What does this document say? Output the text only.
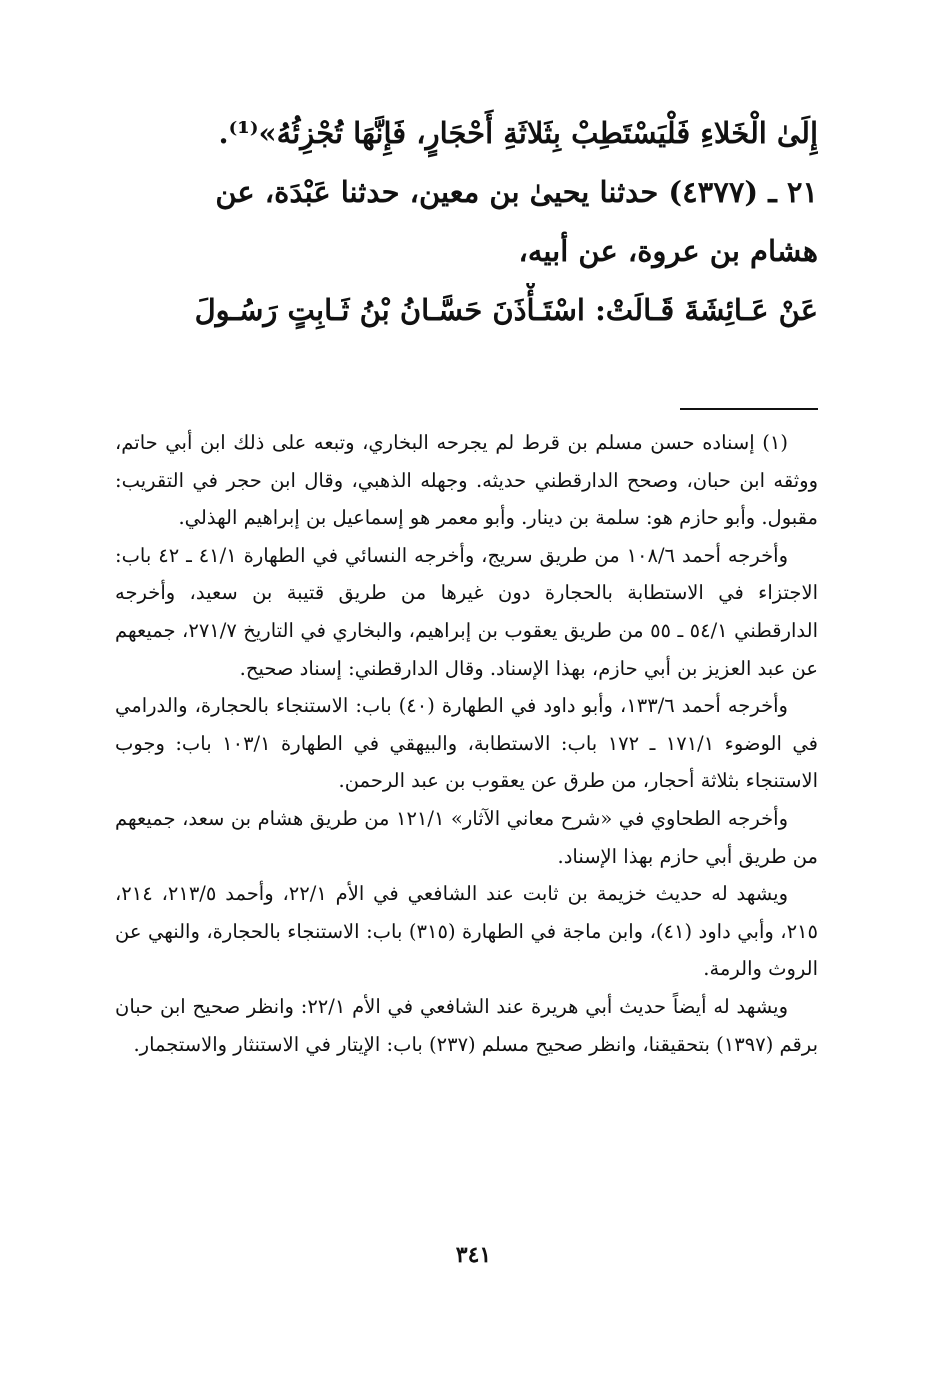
إِلَىٰ الْخَلاءِ فَلْيَسْتَطِبْ بِثَلاثَةِ أَحْجَارٍ، فَإِنَّهَا تُجْزِئُهُ»⁽¹⁾.
٢١ ـ (٤٣٧٧) حدثنا يحيىٰ بن معين، حدثنا عَبْدَة، عن
هشام بن عروة، عن أبيه،
عَنْ عَـائِشَةَ قَـالَتْ: اسْتَـأْذَنَ حَسَّـانُ بْنُ ثَـابِتٍ رَسُـولَ

(١) إسناده حسن مسلم بن قرط لم يجرحه البخاري، وتبعه على ذلك ابن أبي حاتم، ووثقه ابن حبان، وصحح الدارقطني حديثه. وجهله الذهبي، وقال ابن حجر في التقريب: مقبول. وأبو حازم هو: سلمة بن دينار. وأبو معمر هو إسماعيل بن إبراهيم الهذلي.

وأخرجه أحمد ١٠٨/٦ من طريق سريج، وأخرجه النسائي في الطهارة ٤١/١ ـ ٤٢ باب: الاجتزاء في الاستطابة بالحجارة دون غيرها من طريق قتيبة بن سعيد، وأخرجه الدارقطني ٥٤/١ ـ ٥٥ من طريق يعقوب بن إبراهيم، والبخاري في التاريخ ٢٧١/٧، جميعهم عن عبد العزيز بن أبي حازم، بهذا الإسناد. وقال الدارقطني: إسناد صحيح.

وأخرجه أحمد ١٣٣/٦، وأبو داود في الطهارة (٤٠) باب: الاستنجاء بالحجارة، والدرامي في الوضوء ١٧١/١ ـ ١٧٢ باب: الاستطابة، والبيهقي في الطهارة ١٠٣/١ باب: وجوب الاستنجاء بثلاثة أحجار، من طرق عن يعقوب بن عبد الرحمن.

وأخرجه الطحاوي في «شرح معاني الآثار» ١٢١/١ من طريق هشام بن سعد، جميعهم من طريق أبي حازم بهذا الإسناد.

ويشهد له حديث خزيمة بن ثابت عند الشافعي في الأم ٢٢/١، وأحمد ٢١٣/٥، ٢١٤، ٢١٥، وأبي داود (٤١)، وابن ماجة في الطهارة (٣١٥) باب: الاستنجاء بالحجارة، والنهي عن الروث والرمة.

ويشهد له أيضاً حديث أبي هريرة عند الشافعي في الأم ٢٢/١: وانظر صحيح ابن حبان برقم (١٣٩٧) بتحقيقنا، وانظر صحيح مسلم (٢٣٧) باب: الإيتار في الاستنثار والاستجمار.

٣٤١
